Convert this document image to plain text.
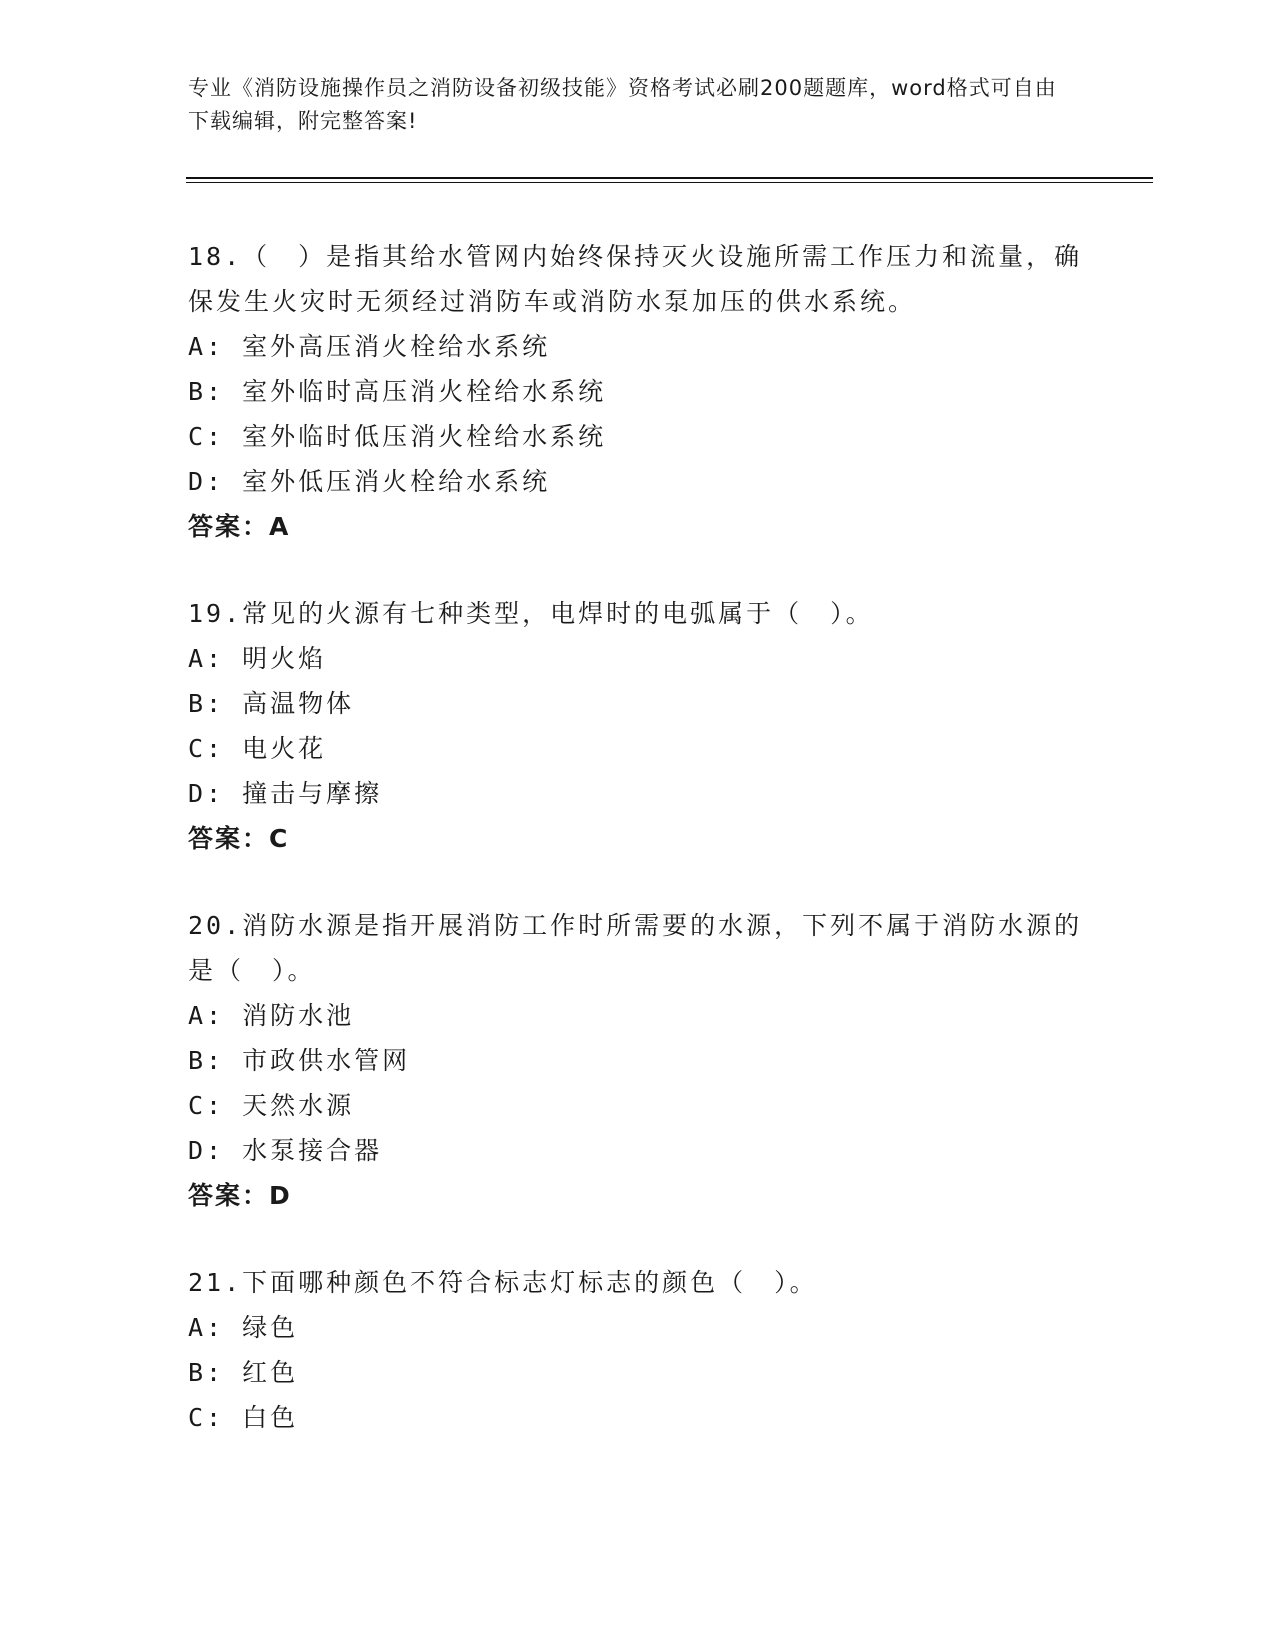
专业《消防设施操作员之消防设备初级技能》资格考试必刷200题题库，word格式可自由下载编辑，附完整答案!
18.（　）是指其给水管网内始终保持灭火设施所需工作压力和流量，确保发生火灾时无须经过消防车或消防水泵加压的供水系统。
A: 室外高压消火栓给水系统
B: 室外临时高压消火栓给水系统
C: 室外临时低压消火栓给水系统
D: 室外低压消火栓给水系统
答案：A
19.常见的火源有七种类型，电焊时的电弧属于（　）。
A: 明火焰
B: 高温物体
C: 电火花
D: 撞击与摩擦
答案：C
20.消防水源是指开展消防工作时所需要的水源，下列不属于消防水源的是（　）。
A: 消防水池
B: 市政供水管网
C: 天然水源
D: 水泵接合器
答案：D
21.下面哪种颜色不符合标志灯标志的颜色（　）。
A: 绿色
B: 红色
C: 白色
